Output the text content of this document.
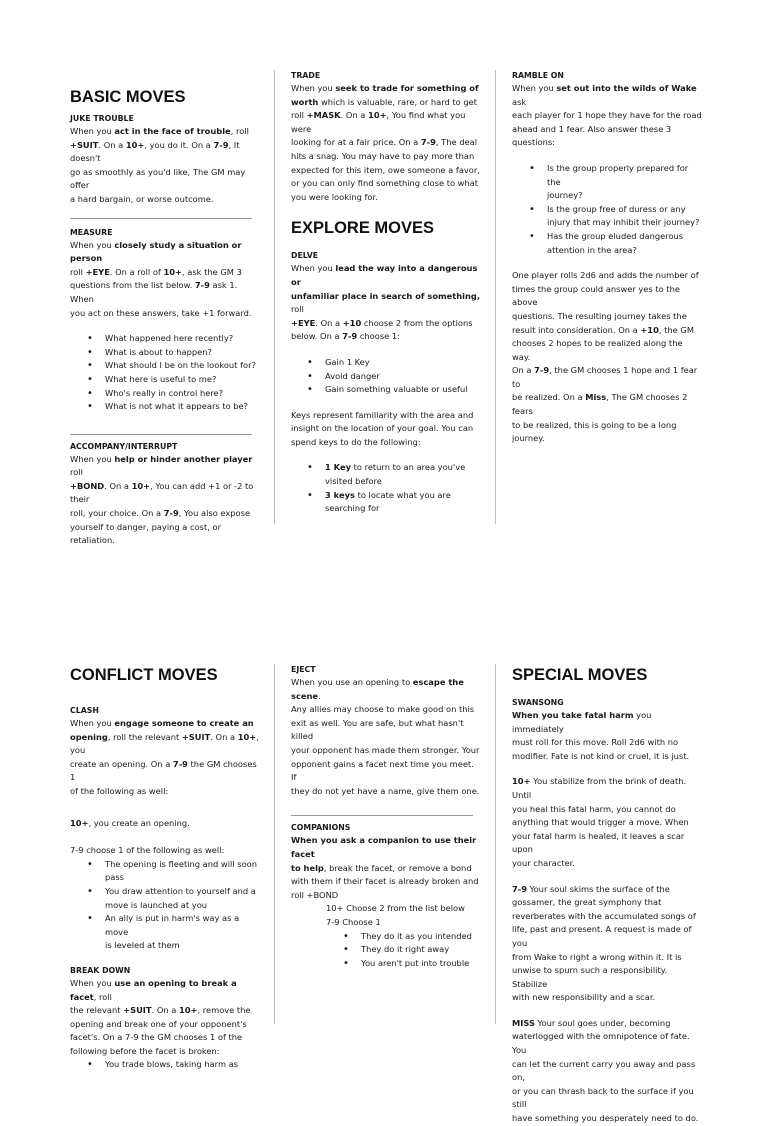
BASIC MOVES
JUKE TROUBLE

When you act in the face of trouble, roll

+SUIT. On a 10+, you do it. On a 7-9, It doesn't

go as smoothly as you'd like, The GM may offer

a hard bargain, or worse outcome.

MEASURE

When you closely study a situation or person

roll +EYE. On a roll of 10+, ask the GM 3

questions from the list below. 7-9 ask 1. When

you act on these answers, take +1 forward.

• What happened here recently?
• What is about to happen?
• What should I be on the lookout for?
• What here is useful to me?
• Who's really in control here?
• What is not what it appears to be?
ACCOMPANY/INTERRUPT

When you help or hinder another player roll

+BOND. On a 10+, You can add +1 or -2 to their

roll, your choice. On a 7-9, You also expose

yourself to danger, paying a cost, or retaliation.

TRADE

When you seek to trade for something of

worth which is valuable, rare, or hard to get

roll +MASK. On a 10+, You find what you were

looking for at a fair price. On a 7-9, The deal

hits a snag. You may have to pay more than

expected for this item, owe someone a favor,

or you can only find something close to what

you were looking for.

EXPLORE MOVES
DELVE

When you lead the way into a dangerous or

unfamiliar place in search of something, roll

+EYE. On a +10 choose 2 from the options

below. On a 7-9 choose 1:

• Gain 1 Key
• Avoid danger
• Gain something valuable or useful

Keys represent familiarity with the area and

insight on the location of your goal. You can

spend keys to do the following:

• 1 Key to return to an area you've
visited before
• 3 keys to locate what you are
searching for
RAMBLE ON

When you set out into the wilds of Wake ask

each player for 1 hope they have for the road

ahead and 1 fear. Also answer these 3

questions:

• Is the group properly prepared for the
journey?
• Is the group free of duress or any
injury that may inhibit their journey?
• Has the group eluded dangerous
attention in the area?

One player rolls 2d6 and adds the number of

times the group could answer yes to the above

questions. The resulting journey takes the

result into consideration. On a +10, the GM

chooses 2 hopes to be realized along the way.

On a 7-9, the GM chooses 1 hope and 1 fear to

be realized. On a Miss, The GM chooses 2 fears

to be realized, this is going to be a long

journey.

CONFLICT MOVES
CLASH

When you engage someone to create an

opening, roll the relevant +SUIT. On a 10+, you

create an opening. On a 7-9 the GM chooses 1

of the following as well:

10+, you create an opening.

7-9 choose 1 of the following as well:

• The opening is fleeting and will soon
pass
• You draw attention to yourself and a
move is launched at you
• An ally is put in harm's way as a move
is leveled at them
BREAK DOWN

When you use an opening to break a facet, roll

the relevant +SUIT. On a 10+, remove the

opening and break one of your opponent's

facet's. On a 7-9 the GM chooses 1 of the

following before the facet is broken:

• You trade blows, taking harm as
EJECT

When you use an opening to escape the scene.

Any allies may choose to make good on this

exit as well. You are safe, but what hasn't killed

your opponent has made them stronger. Your

opponent gains a facet next time you meet. If

they do not yet have a name, give them one.

COMPANIONS

When you ask a companion to use their facet

to help, break the facet, or remove a bond

with them if their facet is already broken and

roll +BOND

10+ Choose 2 from the list below

7-9 Choose 1

• They do it as you intended
• They do it right away
• You aren't put into trouble
SPECIAL MOVES
SWANSONG

When you take fatal harm you immediately

must roll for this move. Roll 2d6 with no

modifier. Fate is not kind or cruel, it is just.

10+ You stabilize from the brink of death. Until

you heal this fatal harm, you cannot do

anything that would trigger a move. When

your fatal harm is healed, it leaves a scar upon

your character.

7-9 Your soul skims the surface of the

gossamer, the great symphony that

reverberates with the accumulated songs of

life, past and present. A request is made of you

from Wake to right a wrong within it. It is

unwise to spurn such a responsibility. Stabilize

with new responsibility and a scar.

MISS Your soul goes under, becoming

waterlogged with the omnipotence of fate. You

can let the current carry you away and pass on,

or you can thrash back to the surface if you still

have something you desperately need to do.
